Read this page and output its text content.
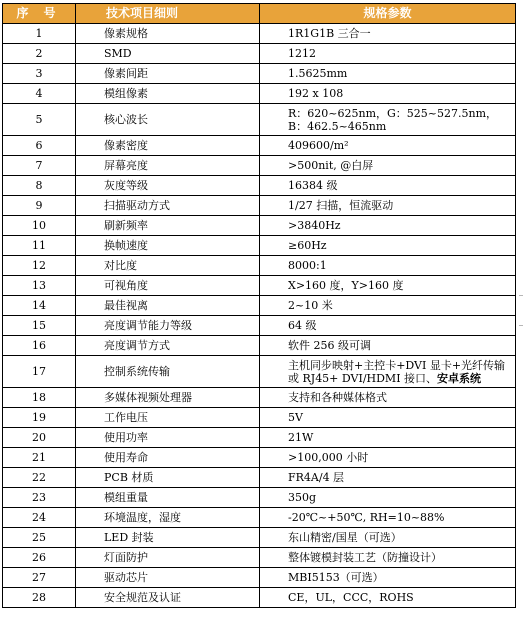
序 号	技术项目细则	规格参数
1	像素规格	1R1G1B 三合一
2	SMD	1212
3	像素间距	1.5625mm
4	模组像素	192 x 108
5	核心波长	R：620~625nm，G：525~527.5nm，B：462.5~465nm
6	像素密度	409600/m²
7	屏幕亮度	>500nit, @白屏
8	灰度等级	16384 级
9	扫描驱动方式	1/27 扫描，恒流驱动
10	刷新频率	>3840Hz
11	换帧速度	≥60Hz
12	对比度	8000:1
13	可视角度	X>160 度，Y>160 度
14	最佳视离	2~10 米
15	亮度调节能力等级	64 级
16	亮度调节方式	软件 256 级可调
17	控制系统传输	主机同步映射+主控卡+DVI 显卡+光纤传输或 RJ45+ DVI/HDMI 接口、安卓系统
18	多媒体视频处理器	支持和各种媒体格式
19	工作电压	5V
20	使用功率	21W
21	使用寿命	>100,000 小时
22	PCB 材质	FR4A/4 层
23	模组重量	350g
24	环境温度，湿度	-20℃~+50℃, RH=10~88%
25	LED 封装	东山精密/国星（可选）
26	灯面防护	整体镀模封装工艺（防撞设计）
27	驱动芯片	MBI5153（可选）
28	安全规范及认证	CE，UL，CCC，ROHS
